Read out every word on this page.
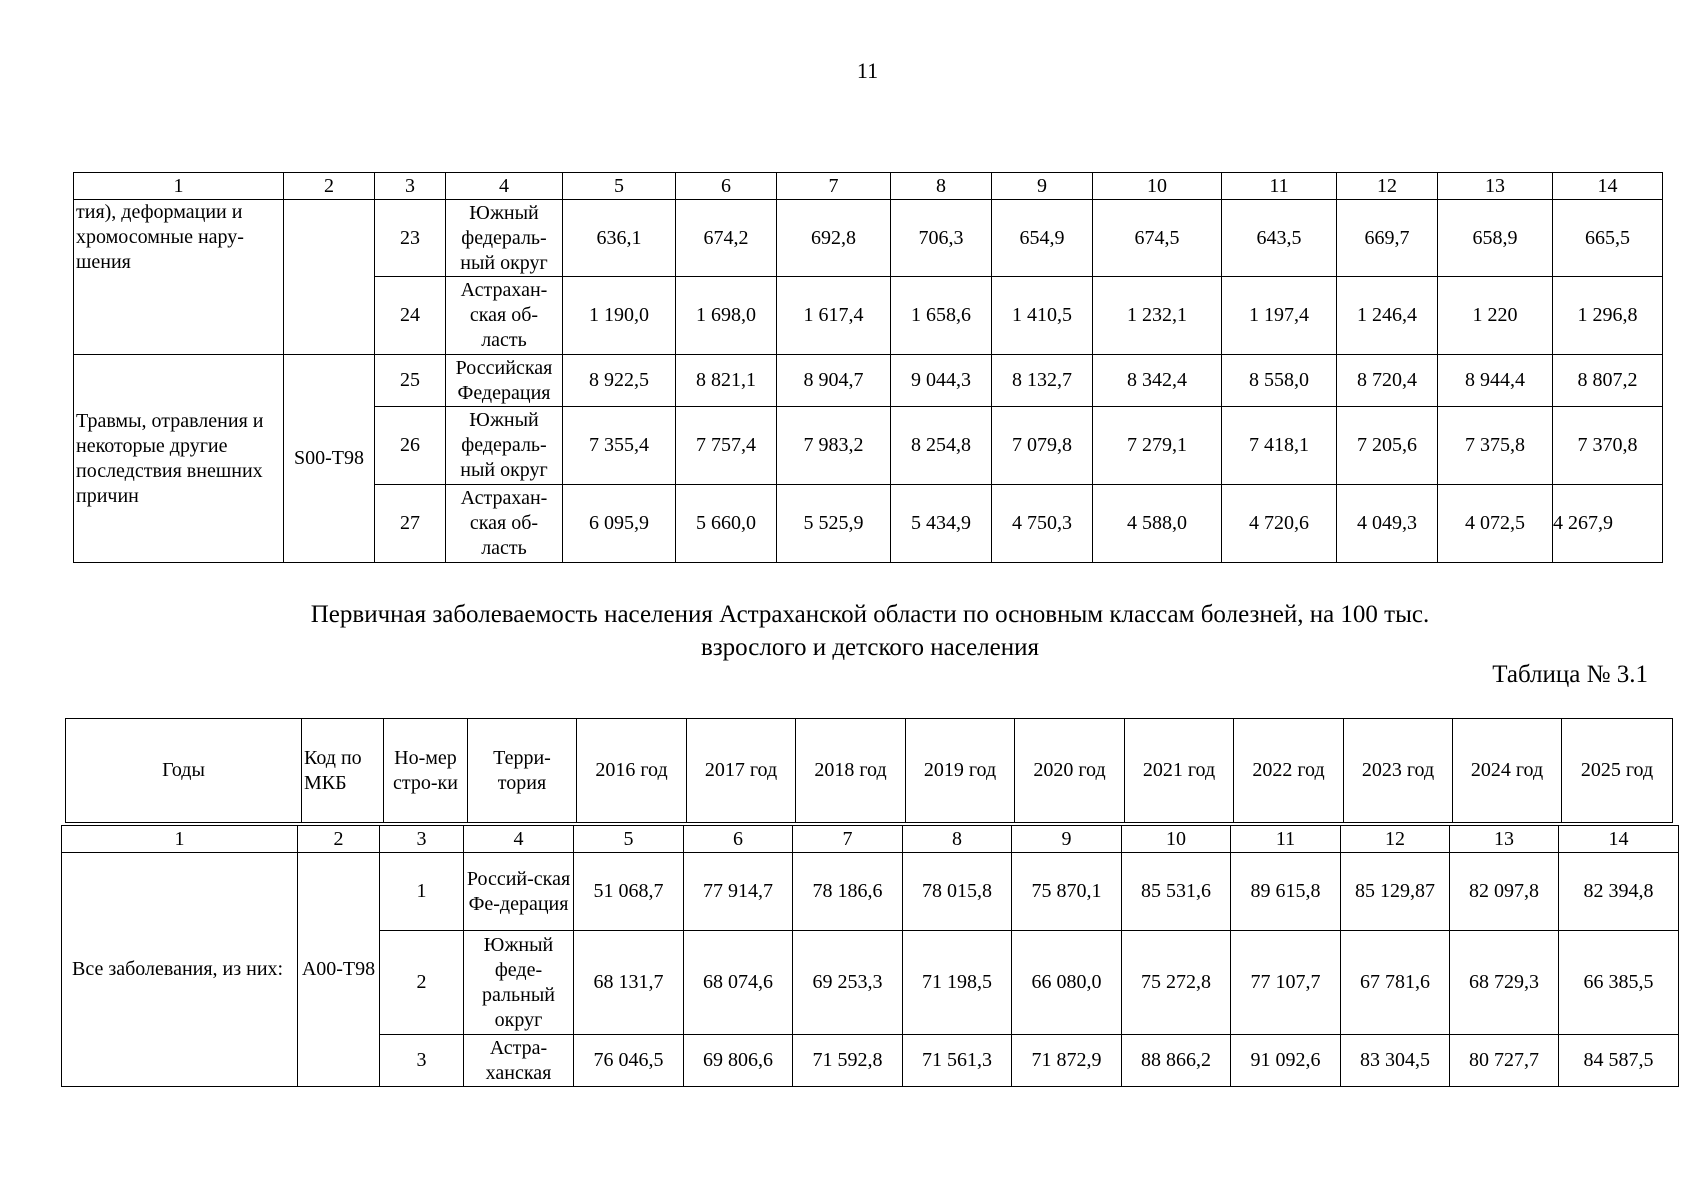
11
1	2	3	4	5	6	7	8	9	10	11	12	13	14
тия), деформации и хромосомные нару-шения		23	Южный федераль-ный округ	636,1	674,2	692,8	706,3	654,9	674,5	643,5	669,7	658,9	665,5
		24	Астрахан-ская об-ласть	1 190,0	1 698,0	1 617,4	1 658,6	1 410,5	1 232,1	1 197,4	1 246,4	1 220	1 296,8
Травмы, отравления и некоторые другие последствия внешних причин	S00-T98	25	Российская Федерация	8 922,5	8 821,1	8 904,7	9 044,3	8 132,7	8 342,4	8 558,0	8 720,4	8 944,4	8 807,2
		26	Южный федераль-ный округ	7 355,4	7 757,4	7 983,2	8 254,8	7 079,8	7 279,1	7 418,1	7 205,6	7 375,8	7 370,8
		27	Астрахан-ская об-ласть	6 095,9	5 660,0	5 525,9	5 434,9	4 750,3	4 588,0	4 720,6	4 049,3	4 072,5	4 267,9
Первичная заболеваемость населения Астраханской области по основным классам болезней, на 100 тыс.
взрослого и детского населения
Таблица № 3.1
Годы	Код по МКБ	Но-мер стро-ки	Терри-тория	2016 год	2017 год	2018 год	2019 год	2020 год	2021 год	2022 год	2023 год	2024 год	2025 год
1	2	3	4	5	6	7	8	9	10	11	12	13	14
Все заболевания, из них:	А00-Т98	1	Россий-ская Фе-дерация	51 068,7	77 914,7	78 186,6	78 015,8	75 870,1	85 531,6	89 615,8	85 129,87	82 097,8	82 394,8
		2	Южный феде-ральный округ	68 131,7	68 074,6	69 253,3	71 198,5	66 080,0	75 272,8	77 107,7	67 781,6	68 729,3	66 385,5
		3	Астра-ханская	76 046,5	69 806,6	71 592,8	71 561,3	71 872,9	88 866,2	91 092,6	83 304,5	80 727,7	84 587,5
